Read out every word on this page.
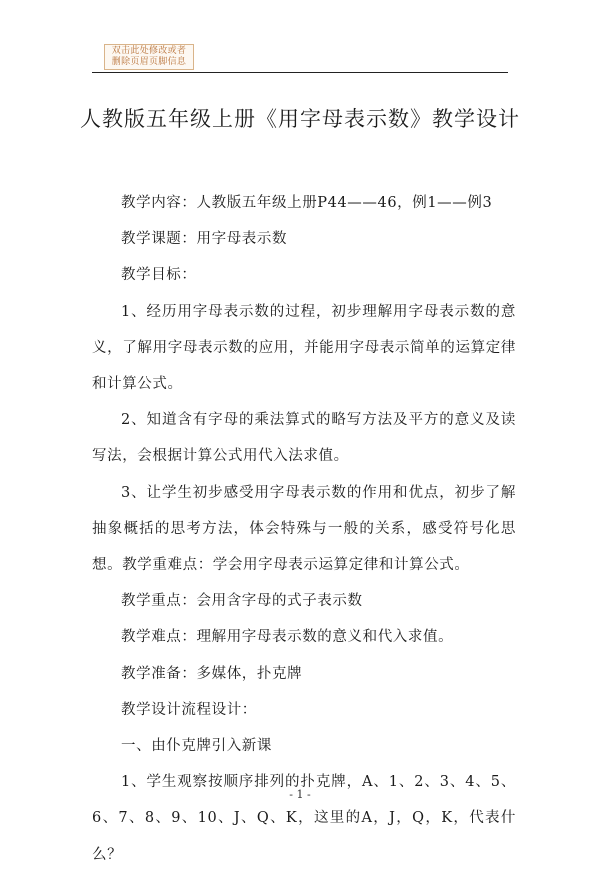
双击此处修改或者
删除页眉页脚信息
人教版五年级上册《用字母表示数》教学设计

教学内容：人教版五年级上册P44——46，例1——例3

教学课题：用字母表示数

教学目标：

1、经历用字母表示数的过程，初步理解用字母表示数的意义，了解用字母表示数的应用，并能用字母表示简单的运算定律和计算公式。

2、知道含有字母的乘法算式的略写方法及平方的意义及读写法，会根据计算公式用代入法求值。

3、让学生初步感受用字母表示数的作用和优点，初步了解抽象概括的思考方法，体会特殊与一般的关系，感受符号化思想。教学重难点：学会用字母表示运算定律和计算公式。

教学重点：会用含字母的式子表示数

教学难点：理解用字母表示数的意义和代入求值。

教学准备：多媒体，扑克牌

教学设计流程设计：

一、由仆克牌引入新课

1、学生观察按顺序排列的扑克牌，A、1、2、3、4、5、6、7、8、9、10、J、Q、K，这里的A，J，Q，K，代表什么？

- 1 -
